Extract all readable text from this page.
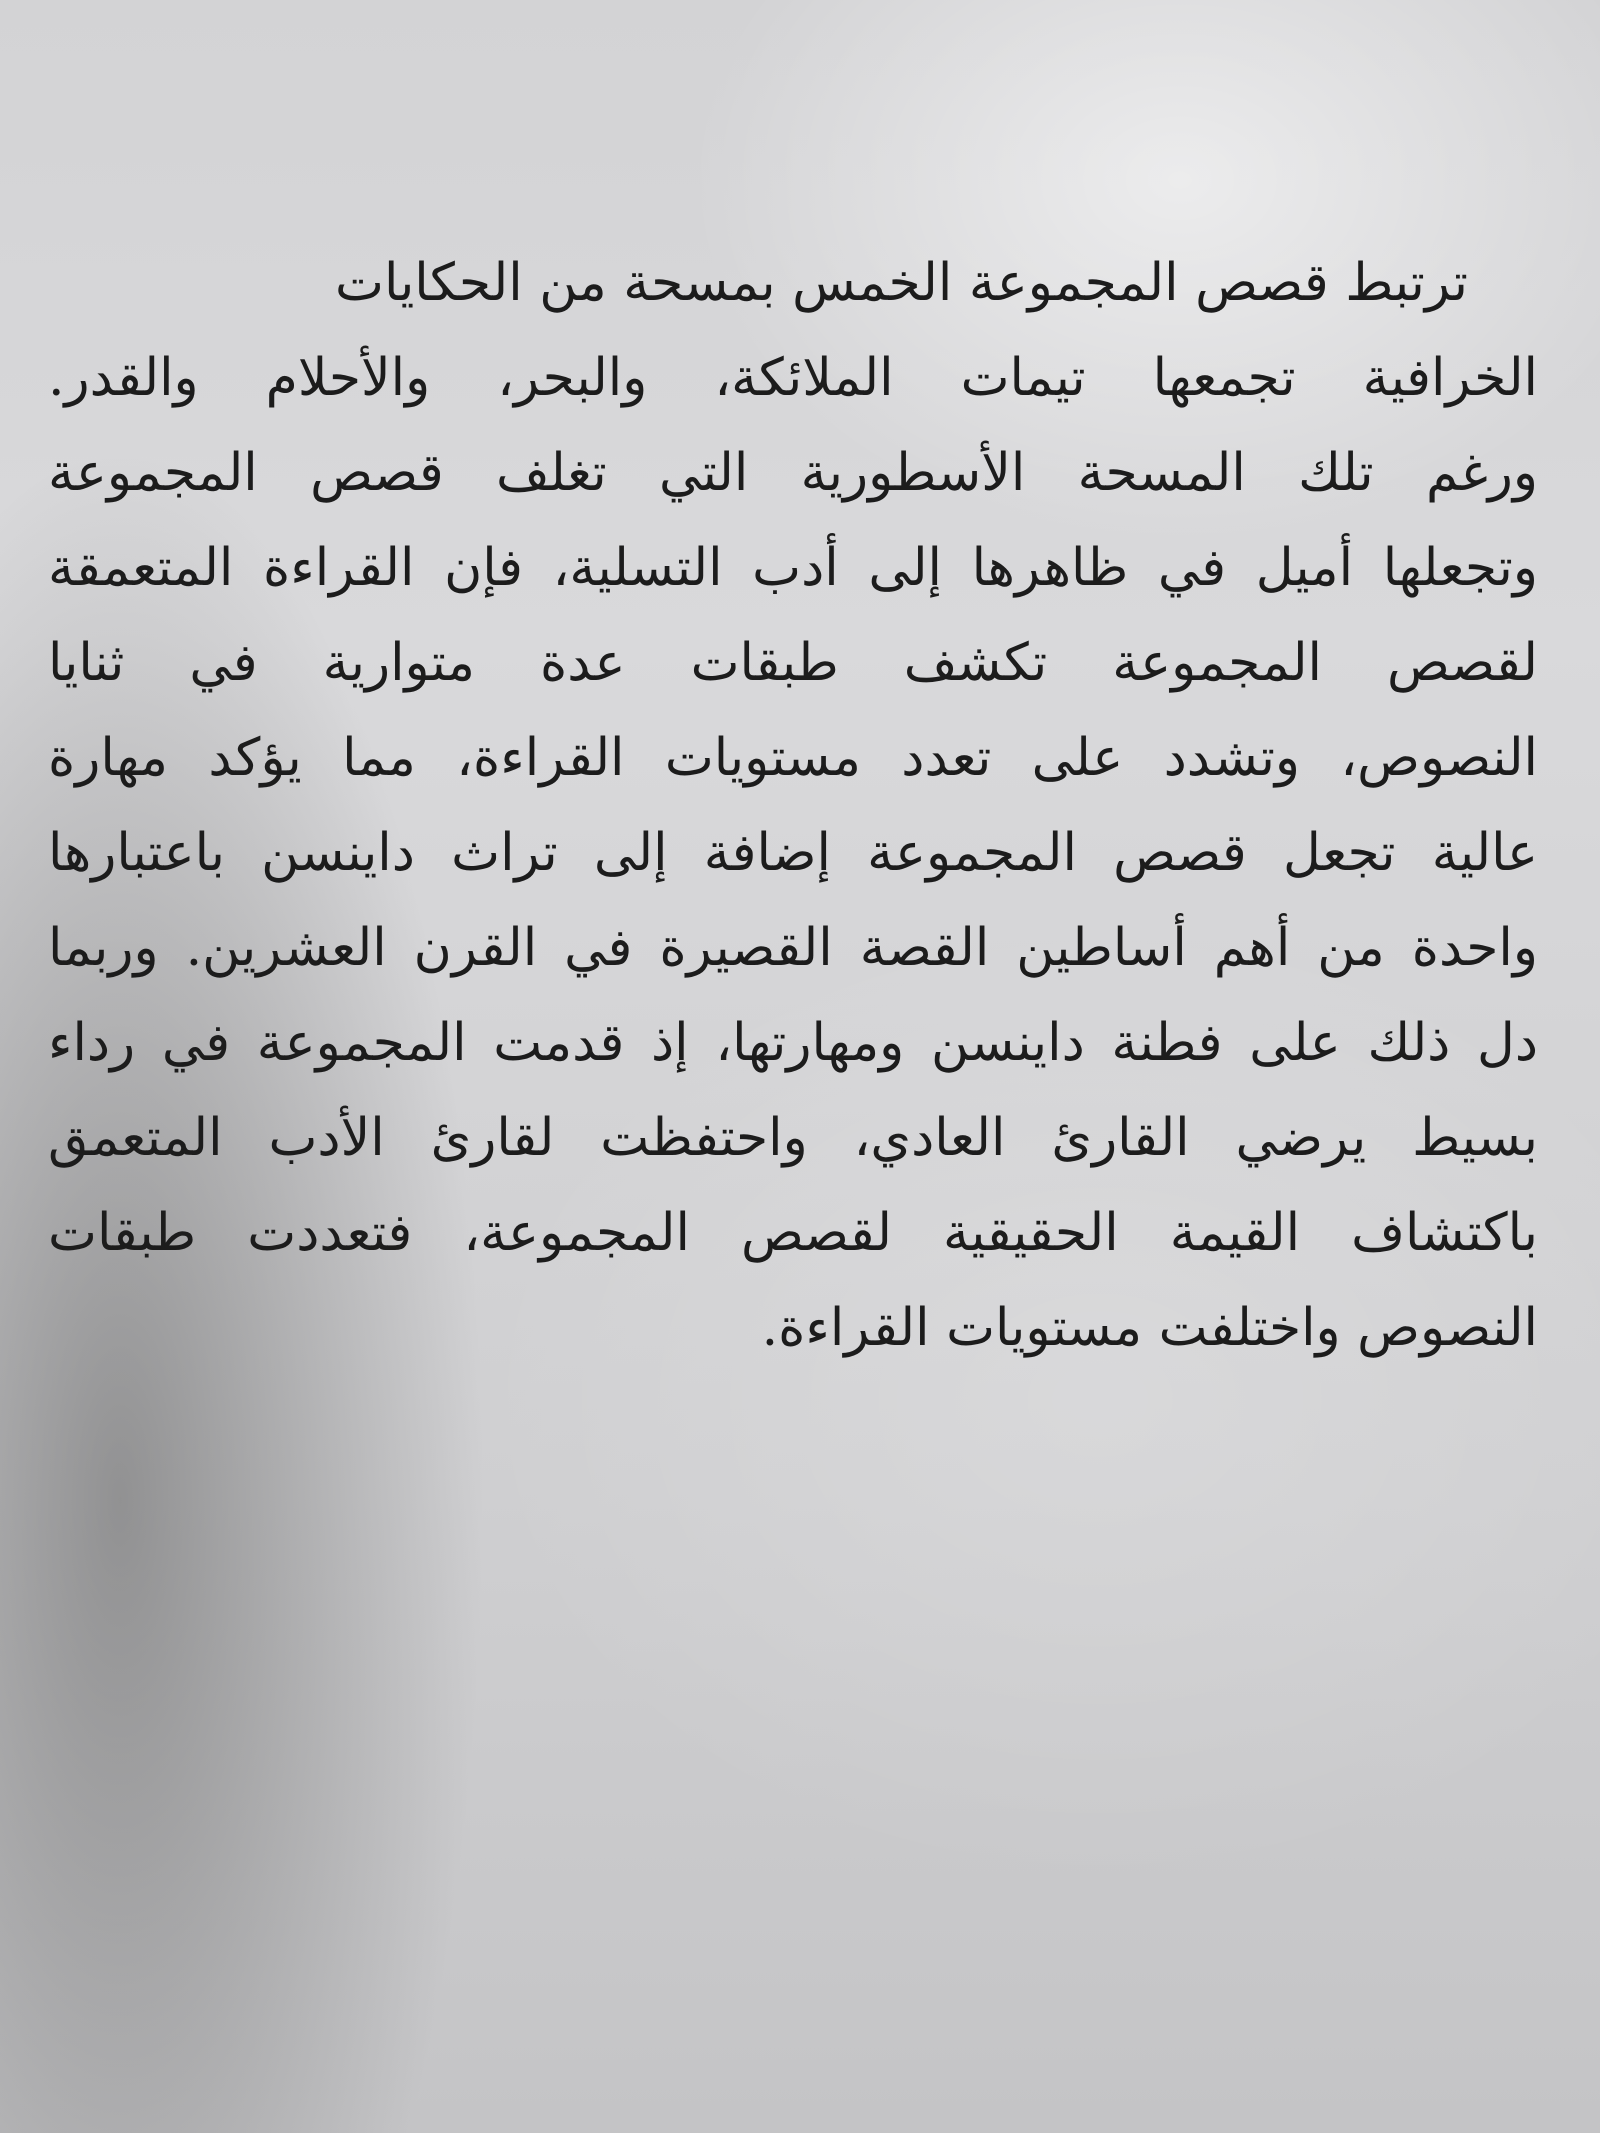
ترتبط قصص المجموعة الخمس بمسحة من الحكايات
الخرافية تجمعها تيمات الملائكة، والبحر، والأحلام والقدر.
ورغم تلك المسحة الأسطورية التي تغلف قصص المجموعة
وتجعلها أميل في ظاهرها إلى أدب التسلية، فإن القراءة المتعمقة
لقصص المجموعة تكشف طبقات عدة متوارية في ثنايا
النصوص، وتشدد على تعدد مستويات القراءة، مما يؤكد مهارة
عالية تجعل قصص المجموعة إضافة إلى تراث داينسن باعتبارها
واحدة من أهم أساطين القصة القصيرة في القرن العشرين. وربما
دل ذلك على فطنة داينسن ومهارتها، إذ قدمت المجموعة في رداء
بسيط يرضي القارئ العادي، واحتفظت لقارئ الأدب المتعمق
باكتشاف القيمة الحقيقية لقصص المجموعة، فتعددت طبقات
النصوص واختلفت مستويات القراءة.
